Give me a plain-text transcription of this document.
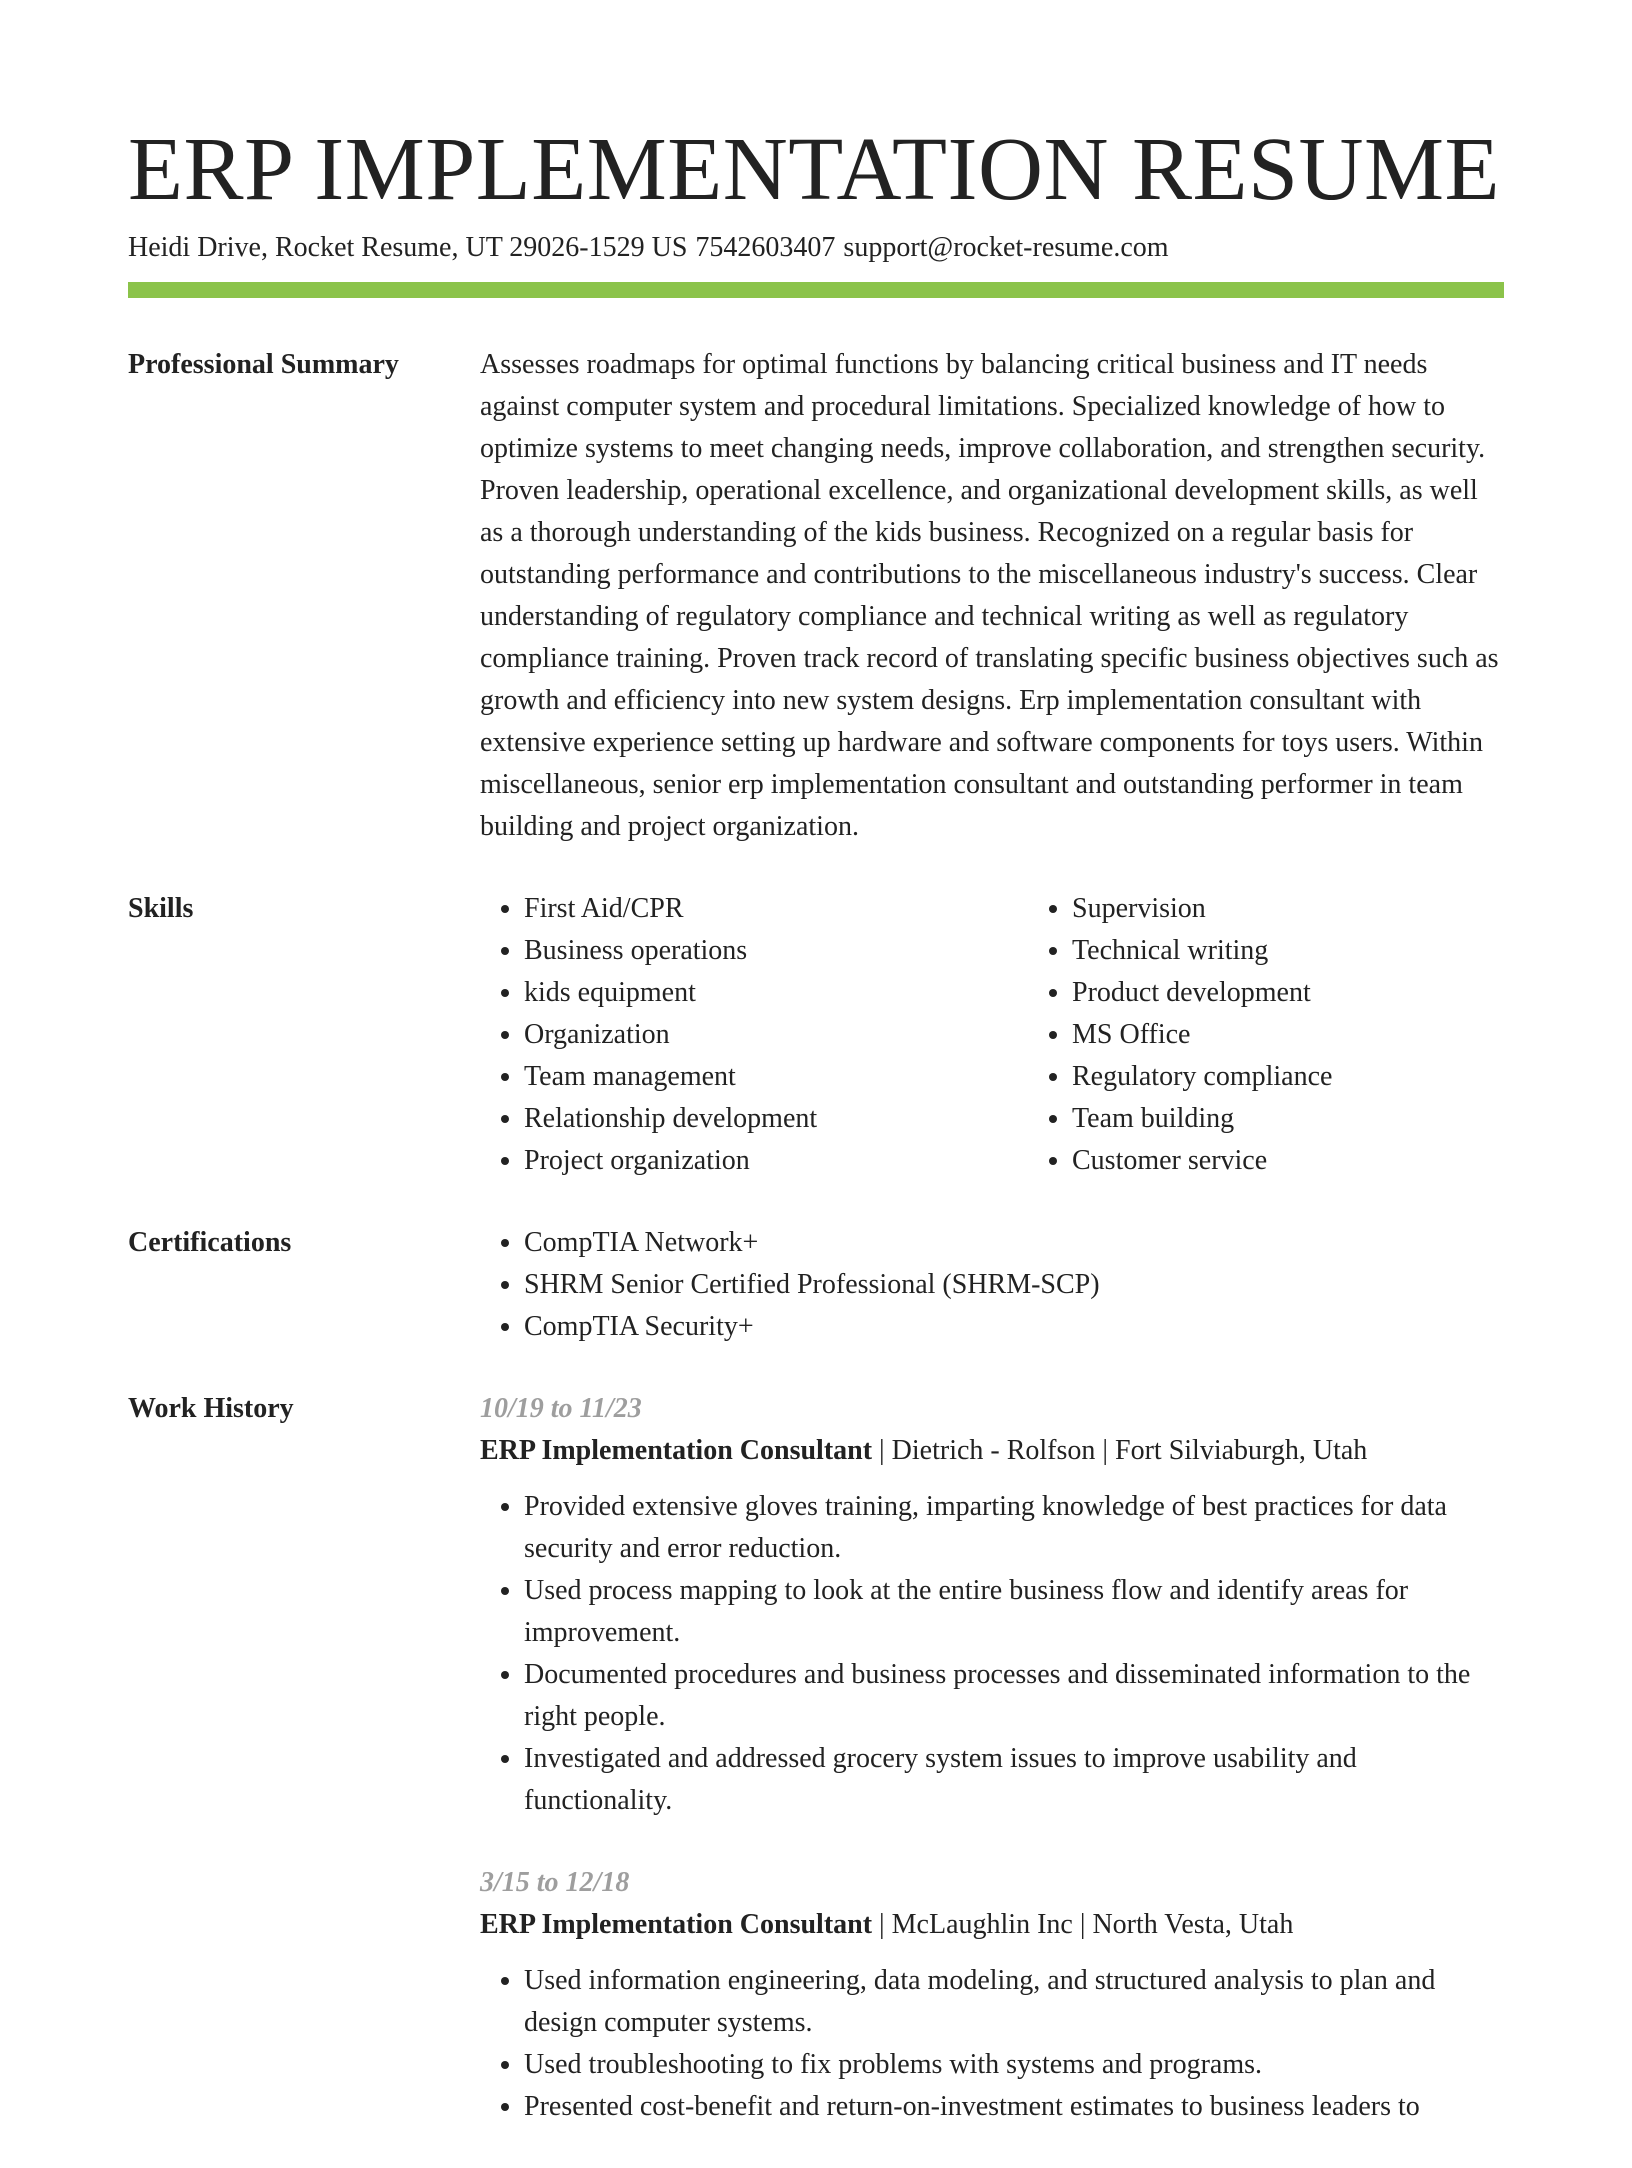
ERP IMPLEMENTATION RESUME
Heidi Drive, Rocket Resume, UT 29026-1529 US 7542603407 support@rocket-resume.com
Professional Summary	Assesses roadmaps for optimal functions by balancing critical business and IT needs against computer system and procedural limitations. Specialized knowledge of how to optimize systems to meet changing needs, improve collaboration, and strengthen security. Proven leadership, operational excellence, and organizational development skills, as well as a thorough understanding of the kids business. Recognized on a regular basis for outstanding performance and contributions to the miscellaneous industry's success. Clear understanding of regulatory compliance and technical writing as well as regulatory compliance training. Proven track record of translating specific business objectives such as growth and efficiency into new system designs. Erp implementation consultant with extensive experience setting up hardware and software components for toys users. Within miscellaneous, senior erp implementation consultant and outstanding performer in team building and project organization.

Skills	• First Aid/CPR
• Business operations
• kids equipment
• Organization
• Team management
• Relationship development
• Project organization
• Supervision
• Technical writing
• Product development
• MS Office
• Regulatory compliance
• Team building
• Customer service
Certifications	• CompTIA Network+
• SHRM Senior Certified Professional (SHRM-SCP)
• CompTIA Security+
Work History	10/19 to 11/23
ERP Implementation Consultant | Dietrich - Rolfson | Fort Silviaburgh, Utah
• Provided extensive gloves training, imparting knowledge of best practices for data security and error reduction.
• Used process mapping to look at the entire business flow and identify areas for improvement.
• Documented procedures and business processes and disseminated information to the right people.
• Investigated and addressed grocery system issues to improve usability and functionality.
3/15 to 12/18
ERP Implementation Consultant | McLaughlin Inc | North Vesta, Utah
• Used information engineering, data modeling, and structured analysis to plan and design computer systems.
• Used troubleshooting to fix problems with systems and programs.
• Presented cost-benefit and return-on-investment estimates to business leaders to
